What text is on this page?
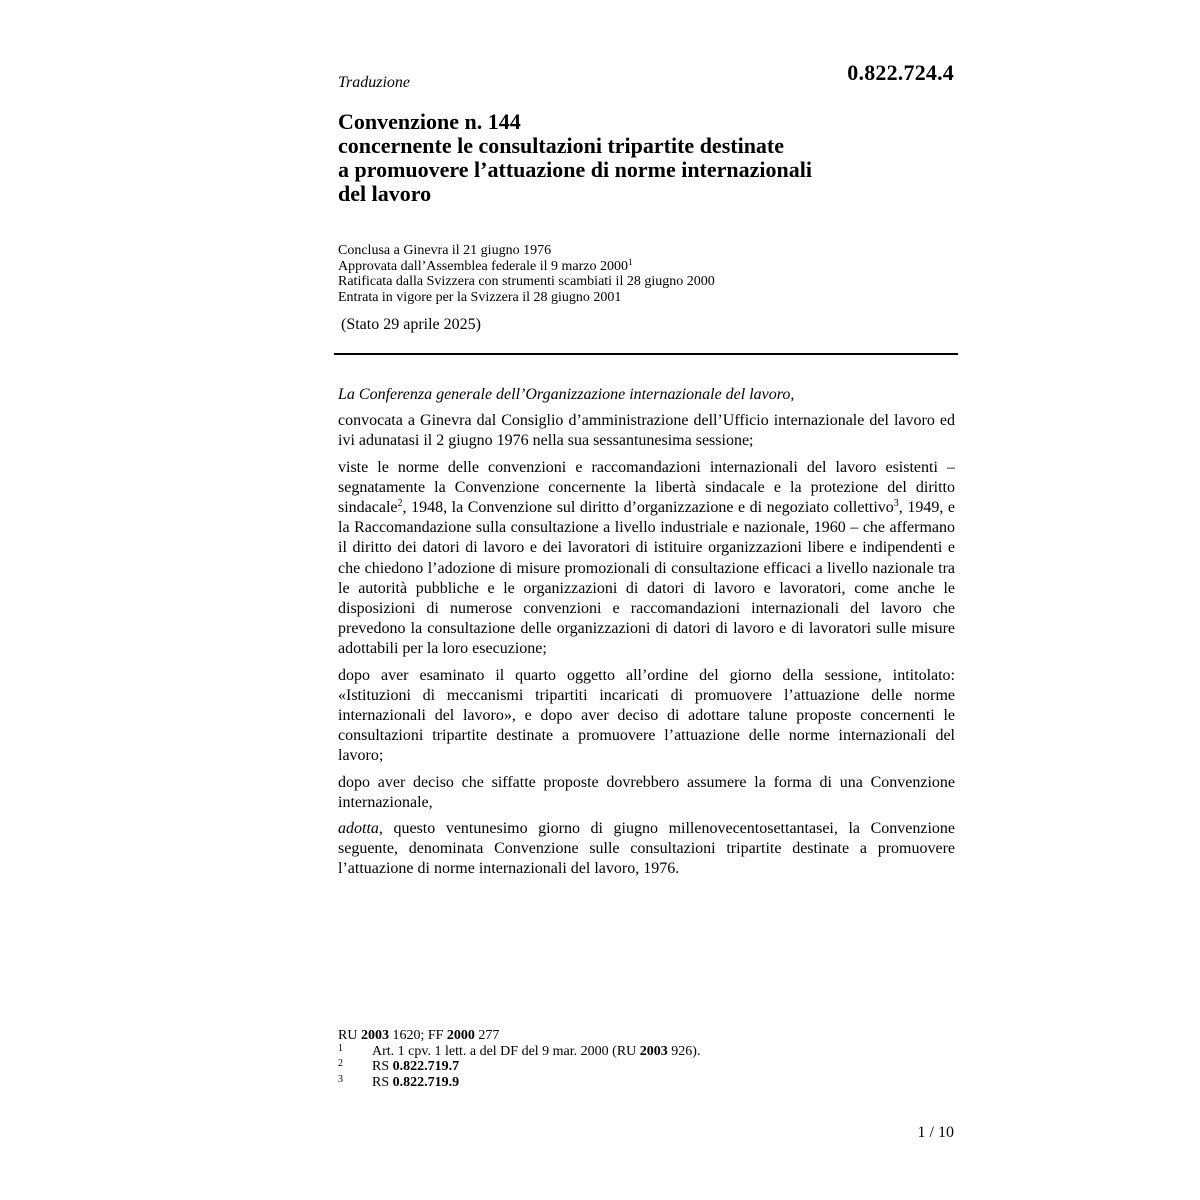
0.822.724.4
Traduzione
Convenzione n. 144
concernente le consultazioni tripartite destinate
a promuovere l’attuazione di norme internazionali
del lavoro
Conclusa a Ginevra il 21 giugno 1976
Approvata dall’Assemblea federale il 9 marzo 2000$^1$
Ratificata dalla Svizzera con strumenti scambiati il 28 giugno 2000
Entrata in vigore per la Svizzera il 28 giugno 2001
(Stato 29 aprile 2025)

La Conferenza generale dell’Organizzazione internazionale del lavoro,

convocata a Ginevra dal Consiglio d’amministrazione dell’Ufficio internazionale del lavoro ed ivi adunatasi il 2 giugno 1976 nella sua sessantunesima sessione;

viste le norme delle convenzioni e raccomandazioni internazionali del lavoro esistenti – segnatamente la Convenzione concernente la libertà sindacale e la protezione del diritto sindacale$^2$, 1948, la Convenzione sul diritto d’organizzazione e di negoziato collettivo$^3$, 1949, e la Raccomandazione sulla consultazione a livello industriale e nazionale, 1960 – che affermano il diritto dei datori di lavoro e dei lavoratori di istituire organizzazioni libere e indipendenti e che chiedono l’adozione di misure promozionali di consultazione efficaci a livello nazionale tra le autorità pubbliche e le organizzazioni di datori di lavoro e lavoratori, come anche le disposizioni di numerose convenzioni e raccomandazioni internazionali del lavoro che prevedono la consultazione delle organizzazioni di datori di lavoro e di lavoratori sulle misure adottabili per la loro esecuzione;

dopo aver esaminato il quarto oggetto all’ordine del giorno della sessione, intitolato: «Istituzioni di meccanismi tripartiti incaricati di promuovere l’attuazione delle norme internazionali del lavoro», e dopo aver deciso di adottare talune proposte concernenti le consultazioni tripartite destinate a promuovere l’attuazione delle norme internazionali del lavoro;

dopo aver deciso che siffatte proposte dovrebbero assumere la forma di una Convenzione internazionale,

adotta, questo ventunesimo giorno di giugno millenovecentosettantasei, la Convenzione seguente, denominata Convenzione sulle consultazioni tripartite destinate a promuovere l’attuazione di norme internazionali del lavoro, 1976.

RU 2003 1620; FF 2000 277
1 Art. 1 cpv. 1 lett. a del DF del 9 mar. 2000 (RU 2003 926).
2 RS 0.822.719.7
3 RS 0.822.719.9
1 / 10
